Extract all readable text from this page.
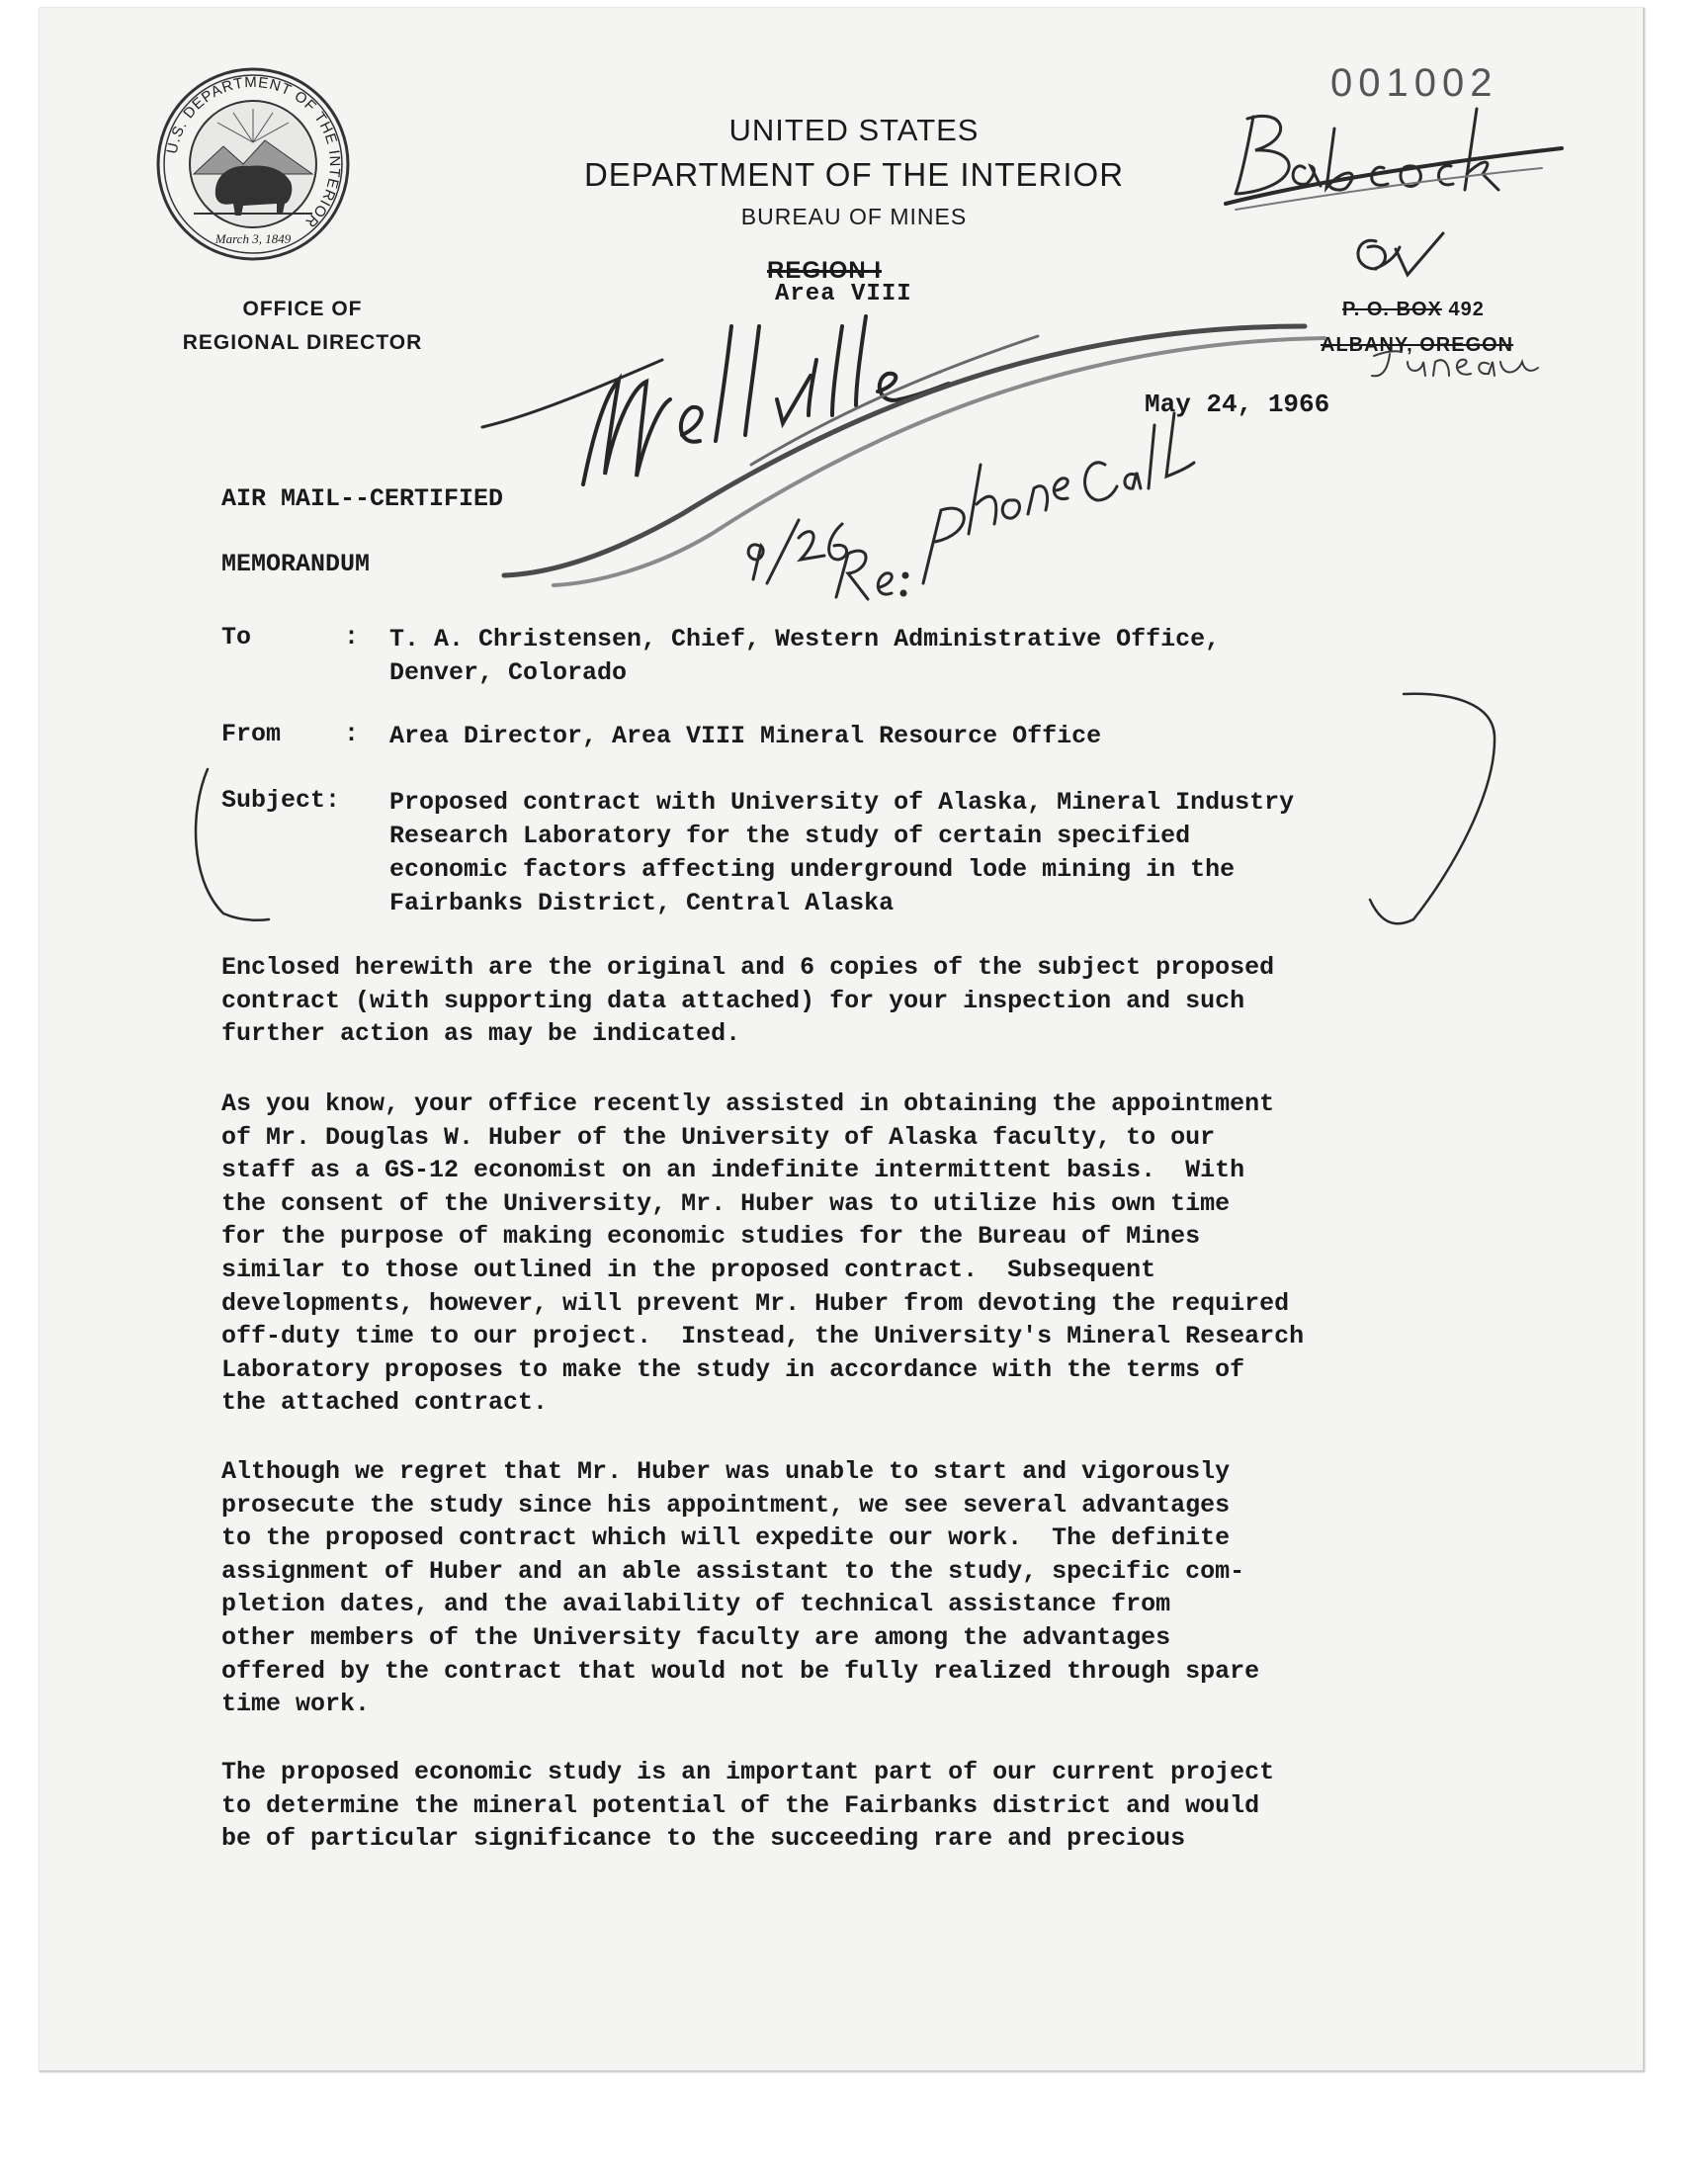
U.S. DEPARTMENT OF THE INTERIOR
March 3, 1849
UNITED STATES
DEPARTMENT OF THE INTERIOR
BUREAU OF MINES
OFFICE OF
REGIONAL DIRECTOR
REGION I
Area VIII
P. O. BOX 492
ALBANY, OREGON
001002
May 24, 1966
AIR MAIL--CERTIFIED
MEMORANDUM
To	: T. A. Christensen, Chief, Western Administrative Office,
Denver, Colorado
From	: Area Director, Area VIII Mineral Resource Office
Subject: Proposed contract with University of Alaska, Mineral Industry
Research Laboratory for the study of certain specified
economic factors affecting underground lode mining in the
Fairbanks District, Central Alaska

Enclosed herewith are the original and 6 copies of the subject proposed

contract (with supporting data attached) for your inspection and such

further action as may be indicated.

As you know, your office recently assisted in obtaining the appointment

of Mr. Douglas W. Huber of the University of Alaska faculty, to our

staff as a GS-12 economist on an indefinite intermittent basis.  With

the consent of the University, Mr. Huber was to utilize his own time

for the purpose of making economic studies for the Bureau of Mines

similar to those outlined in the proposed contract.  Subsequent

developments, however, will prevent Mr. Huber from devoting the required

off-duty time to our project.  Instead, the University's Mineral Research

Laboratory proposes to make the study in accordance with the terms of

the attached contract.

Although we regret that Mr. Huber was unable to start and vigorously

prosecute the study since his appointment, we see several advantages

to the proposed contract which will expedite our work.  The definite

assignment of Huber and an able assistant to the study, specific com-

pletion dates, and the availability of technical assistance from

other members of the University faculty are among the advantages

offered by the contract that would not be fully realized through spare

time work.

The proposed economic study is an important part of our current project

to determine the mineral potential of the Fairbanks district and would

be of particular significance to the succeeding rare and precious
